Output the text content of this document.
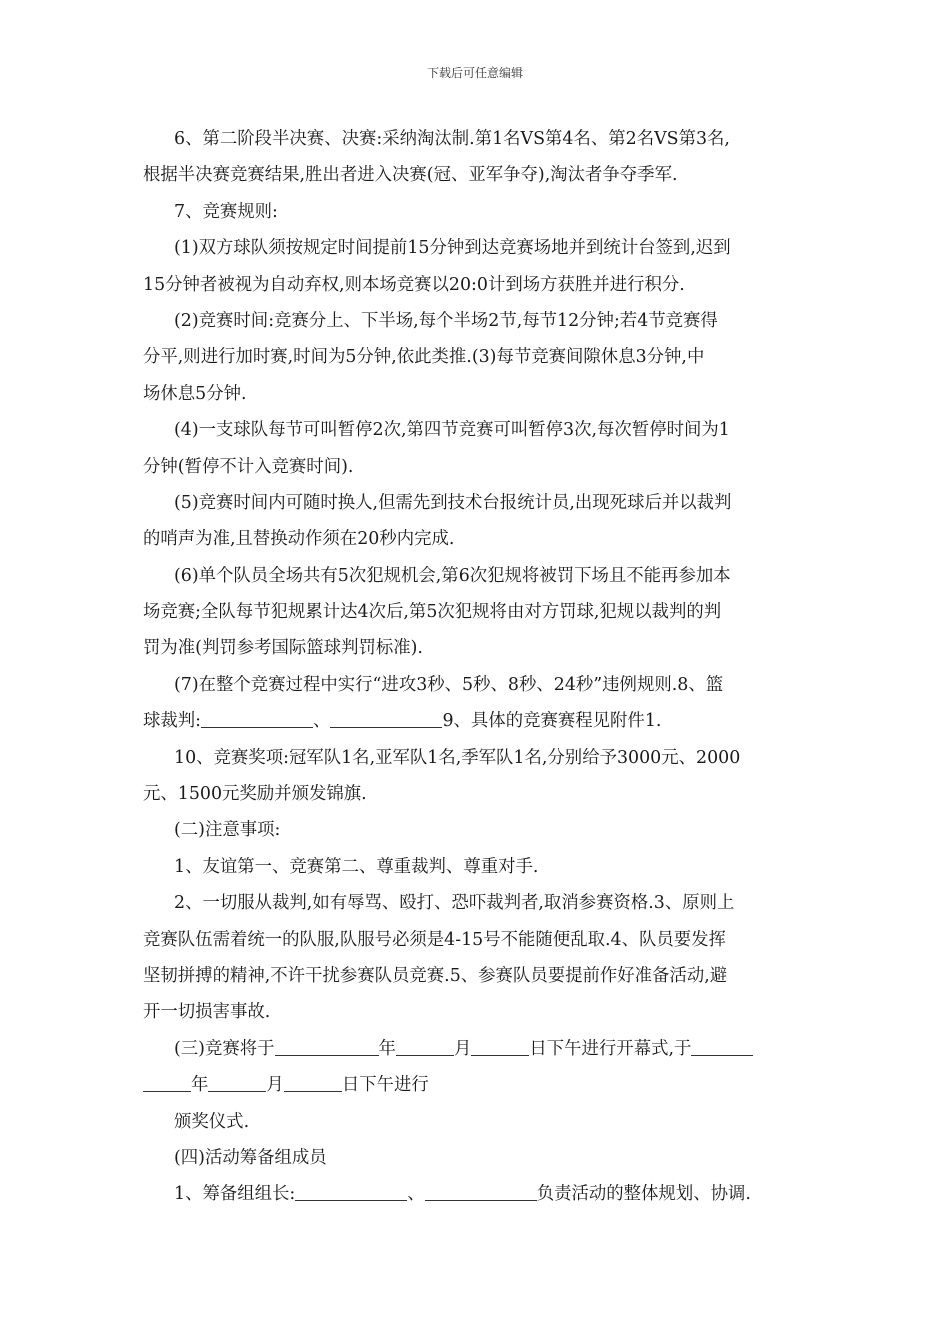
下载后可任意编辑
6、第二阶段半决赛、决赛:采纳淘汰制.第1名VS第4名、第2名VS第3名,
根据半决赛竞赛结果,胜出者进入决赛(冠、亚军争夺),淘汰者争夺季军.
7、竞赛规则:
(1)双方球队须按规定时间提前15分钟到达竞赛场地并到统计台签到,迟到
15分钟者被视为自动弃权,则本场竞赛以20:0计到场方获胜并进行积分.
(2)竞赛时间:竞赛分上、下半场,每个半场2节,每节12分钟;若4节竞赛得
分平,则进行加时赛,时间为5分钟,依此类推.(3)每节竞赛间隙休息3分钟,中
场休息5分钟.
(4)一支球队每节可叫暂停2次,第四节竞赛可叫暂停3次,每次暂停时间为1
分钟(暂停不计入竞赛时间).
(5)竞赛时间内可随时换人,但需先到技术台报统计员,出现死球后并以裁判
的哨声为准,且替换动作须在20秒内完成.
(6)单个队员全场共有5次犯规机会,第6次犯规将被罚下场且不能再参加本
场竞赛;全队每节犯规累计达4次后,第5次犯规将由对方罚球,犯规以裁判的判
罚为准(判罚参考国际篮球判罚标准).
(7)在整个竞赛过程中实行“进攻3秒、5秒、8秒、24秒”违例规则.8、篮
球裁判:	、	9、具体的竞赛赛程见附件1.
10、竞赛奖项:冠军队1名,亚军队1名,季军队1名,分别给予3000元、2000
元、1500元奖励并颁发锦旗.
(二)注意事项:
1、友谊第一、竞赛第二、尊重裁判、尊重对手.
2、一切服从裁判,如有辱骂、殴打、恐吓裁判者,取消参赛资格.3、原则上
竞赛队伍需着统一的队服,队服号必须是4-15号不能随便乱取.4、队员要发挥
坚韧拼搏的精神,不许干扰参赛队员竞赛.5、参赛队员要提前作好准备活动,避
开一切损害事故.
(三)竞赛将于	年	月	日下午进行开幕式,于
年	月	日下午进行
颁奖仪式.
(四)活动筹备组成员
1、筹备组组长:	、	负责活动的整体规划、协调.
